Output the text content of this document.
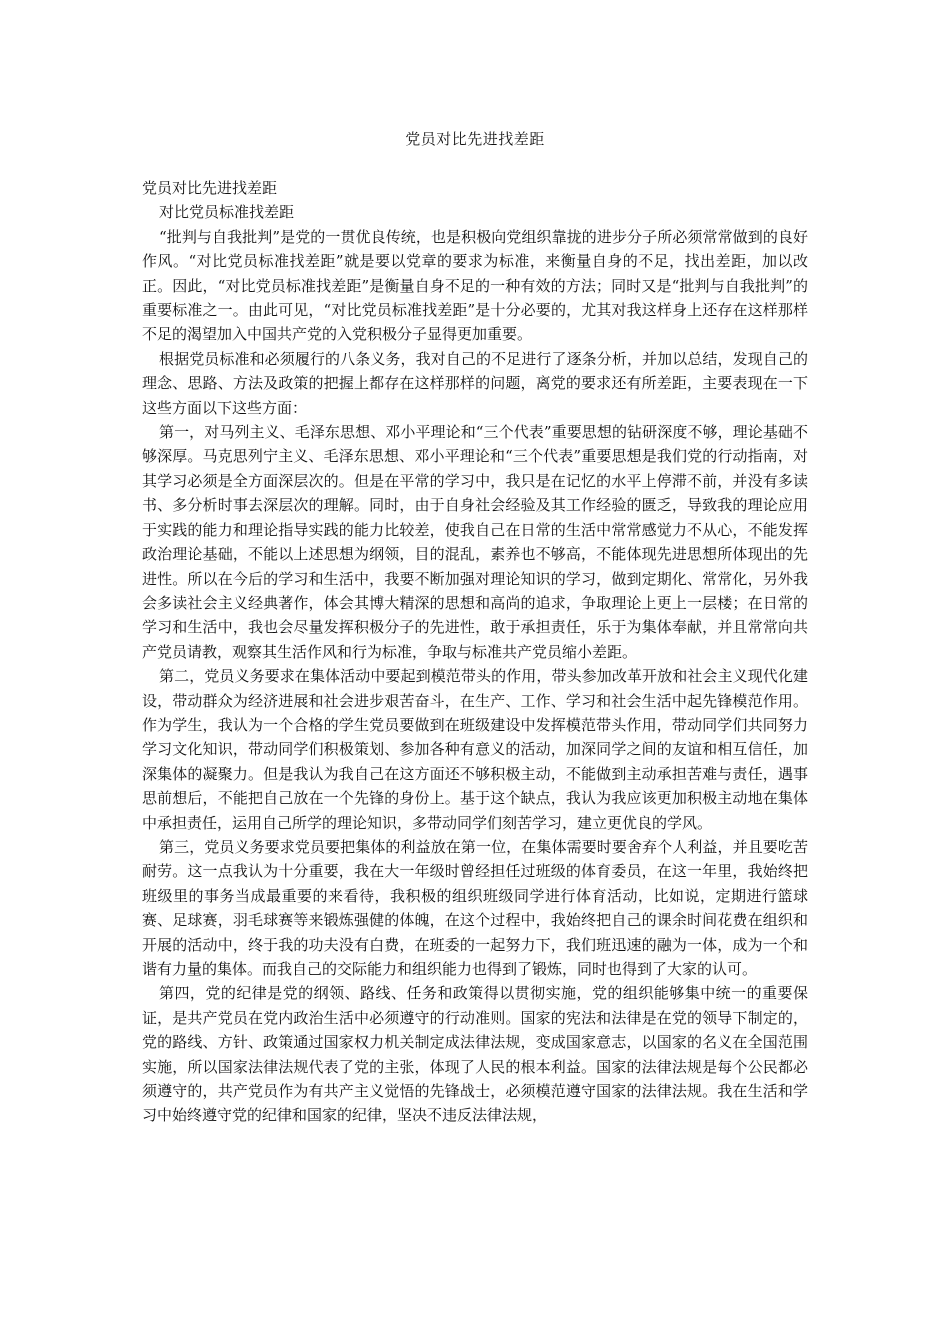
党员对比先进找差距

党员对比先进找差距

对比党员标准找差距

“批判与自我批判”是党的一贯优良传统，也是积极向党组织靠拢的进步分子所必须常常做到的良好作风。“对比党员标准找差距”就是要以党章的要求为标准，来衡量自身的不足，找出差距，加以改正。因此，“对比党员标准找差距”是衡量自身不足的一种有效的方法；同时又是“批判与自我批判”的重要标准之一。由此可见，“对比党员标准找差距”是十分必要的，尤其对我这样身上还存在这样那样不足的渴望加入中国共产党的入党积极分子显得更加重要。

根据党员标准和必须履行的八条义务，我对自己的不足进行了逐条分析，并加以总结，发现自己的理念、思路、方法及政策的把握上都存在这样那样的问题，离党的要求还有所差距，主要表现在一下这些方面以下这些方面：

第一，对马列主义、毛泽东思想、邓小平理论和“三个代表”重要思想的钻研深度不够，理论基础不够深厚。马克思列宁主义、毛泽东思想、邓小平理论和“三个代表”重要思想是我们党的行动指南，对其学习必须是全方面深层次的。但是在平常的学习中，我只是在记忆的水平上停滞不前，并没有多读书、多分析时事去深层次的理解。同时，由于自身社会经验及其工作经验的匮乏，导致我的理论应用于实践的能力和理论指导实践的能力比较差，使我自己在日常的生活中常常感觉力不从心，不能发挥政治理论基础，不能以上述思想为纲领，目的混乱，素养也不够高，不能体现先进思想所体现出的先进性。所以在今后的学习和生活中，我要不断加强对理论知识的学习，做到定期化、常常化，另外我会多读社会主义经典著作，体会其博大精深的思想和高尚的追求，争取理论上更上一层楼；在日常的学习和生活中，我也会尽量发挥积极分子的先进性，敢于承担责任，乐于为集体奉献，并且常常向共产党员请教，观察其生活作风和行为标准，争取与标准共产党员缩小差距。

第二，党员义务要求在集体活动中要起到模范带头的作用，带头参加改革开放和社会主义现代化建设，带动群众为经济进展和社会进步艰苦奋斗，在生产、工作、学习和社会生活中起先锋模范作用。作为学生，我认为一个合格的学生党员要做到在班级建设中发挥模范带头作用，带动同学们共同努力学习文化知识，带动同学们积极策划、参加各种有意义的活动，加深同学之间的友谊和相互信任，加深集体的凝聚力。但是我认为我自己在这方面还不够积极主动，不能做到主动承担苦难与责任，遇事思前想后，不能把自己放在一个先锋的身份上。基于这个缺点，我认为我应该更加积极主动地在集体中承担责任，运用自己所学的理论知识，多带动同学们刻苦学习，建立更优良的学风。

第三，党员义务要求党员要把集体的利益放在第一位，在集体需要时要舍弃个人利益，并且要吃苦耐劳。这一点我认为十分重要，我在大一年级时曾经担任过班级的体育委员，在这一年里，我始终把班级里的事务当成最重要的来看待，我积极的组织班级同学进行体育活动，比如说，定期进行篮球赛、足球赛，羽毛球赛等来锻炼强健的体魄，在这个过程中，我始终把自己的课余时间花费在组织和开展的活动中，终于我的功夫没有白费，在班委的一起努力下，我们班迅速的融为一体，成为一个和谐有力量的集体。而我自己的交际能力和组织能力也得到了锻炼，同时也得到了大家的认可。

第四，党的纪律是党的纲领、路线、任务和政策得以贯彻实施，党的组织能够集中统一的重要保证，是共产党员在党内政治生活中必须遵守的行动准则。国家的宪法和法律是在党的领导下制定的，党的路线、方针、政策通过国家权力机关制定成法律法规，变成国家意志，以国家的名义在全国范围实施，所以国家法律法规代表了党的主张，体现了人民的根本利益。国家的法律法规是每个公民都必须遵守的，共产党员作为有共产主义觉悟的先锋战士，必须模范遵守国家的法律法规。我在生活和学习中始终遵守党的纪律和国家的纪律，坚决不违反法律法规，
